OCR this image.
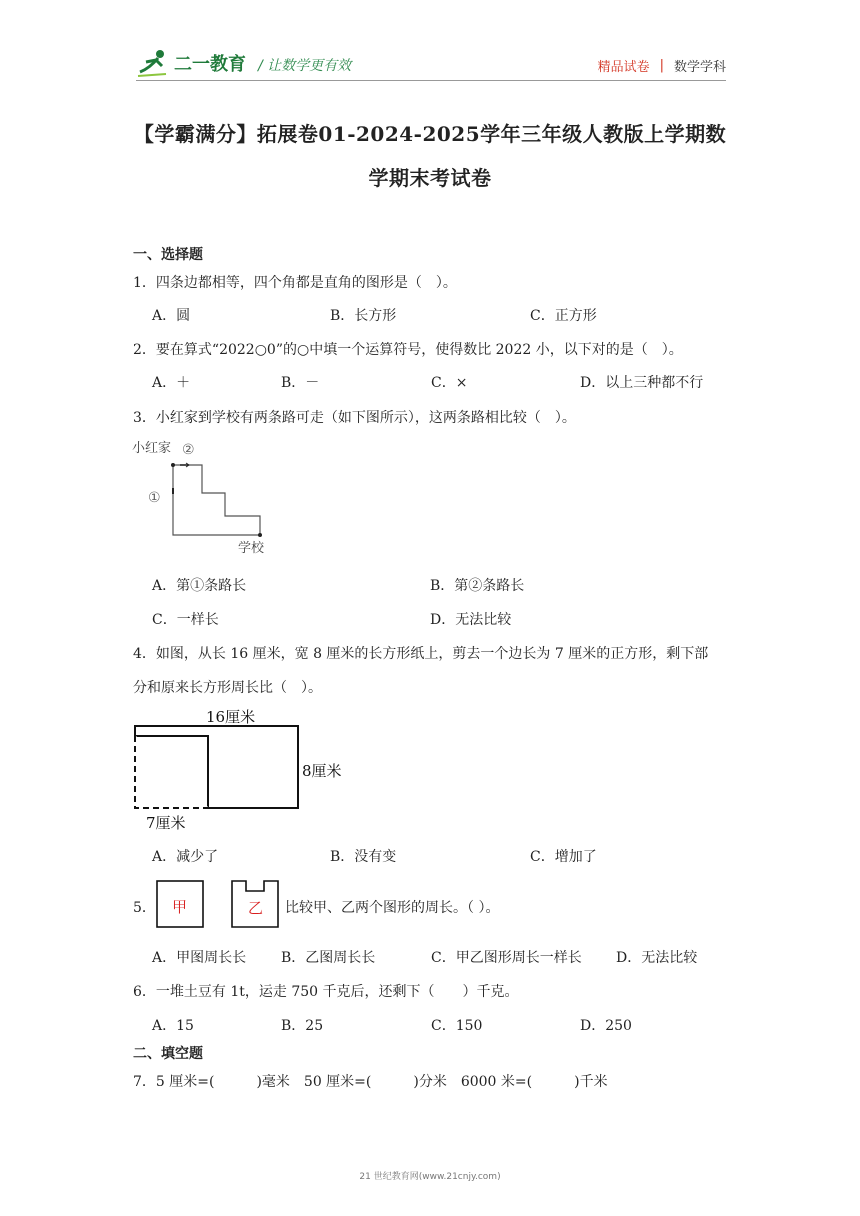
二一教育 / 让数学更有效	精品试卷 | 数学学科
【学霸满分】拓展卷01-2024-2025学年三年级人教版上学期数
学期末考试卷
一、选择题
1．四条边都相等，四个角都是直角的图形是（　）。
A．圆	B．长方形	C．正方形
2．要在算式“2022○0”的○中填一个运算符号，使得数比 2022 小，以下对的是（　）。
A．＋	B．－	C．×	D．以上三种都不行
3．小红家到学校有两条路可走（如下图所示），这两条路相比较（　）。
小红家 ②
①
学校
A．第①条路长	B．第②条路长
C．一样长	D．无法比较
4．如图，从长 16 厘米，宽 8 厘米的长方形纸上，剪去一个边长为 7 厘米的正方形，剩下部
分和原来长方形周长比（　）。
16厘米
8厘米
7厘米
A．减少了	B．没有变	C．增加了
5． 甲	乙 比较甲、乙两个图形的周长。（ ）。
A．甲图周长长 B．乙图周长长	C．甲乙图形周长一样长 D．无法比较
6．一堆土豆有 1t，运走 750 千克后，还剩下（　　）千克。
A．15	B．25	C．150	D．250
二、填空题
7．5 厘米=(　　　)毫米　50 厘米=(　　　)分米　6000 米=(　　　)千米
21 世纪教育网(www.21cnjy.com)
